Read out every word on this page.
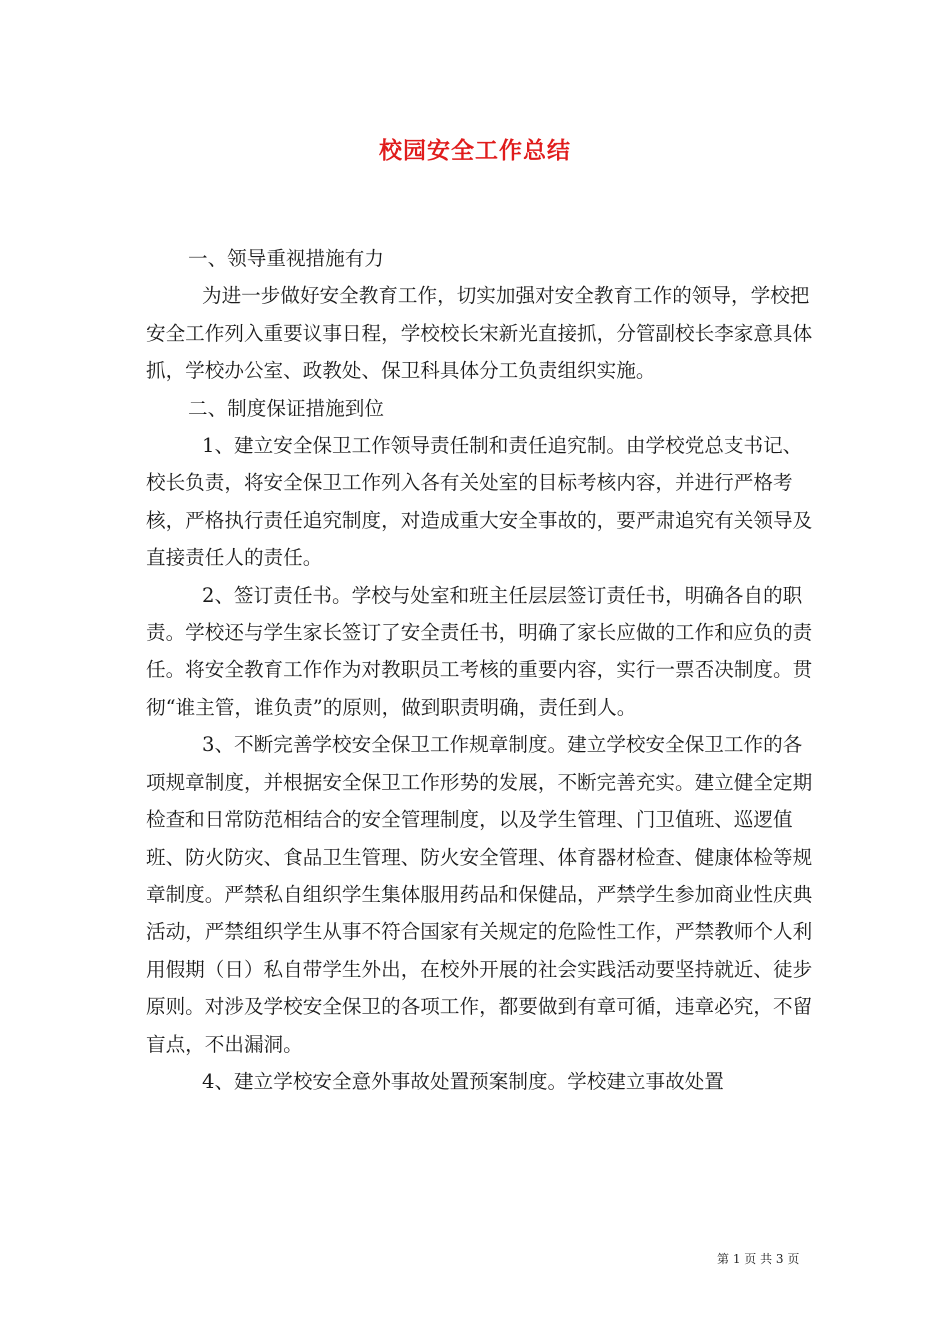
校园安全工作总结

一、领导重视措施有力

为进一步做好安全教育工作，切实加强对安全教育工作的领导，学校把安全工作列入重要议事日程，学校校长宋新光直接抓，分管副校长李家意具体抓，学校办公室、政教处、保卫科具体分工负责组织实施。

二、制度保证措施到位

1、建立安全保卫工作领导责任制和责任追究制。由学校党总支书记、校长负责，将安全保卫工作列入各有关处室的目标考核内容，并进行严格考核，严格执行责任追究制度，对造成重大安全事故的，要严肃追究有关领导及直接责任人的责任。

2、签订责任书。学校与处室和班主任层层签订责任书，明确各自的职责。学校还与学生家长签订了安全责任书，明确了家长应做的工作和应负的责任。将安全教育工作作为对教职员工考核的重要内容，实行一票否决制度。贯彻“谁主管，谁负责”的原则，做到职责明确，责任到人。

3、不断完善学校安全保卫工作规章制度。建立学校安全保卫工作的各项规章制度，并根据安全保卫工作形势的发展，不断完善充实。建立健全定期检查和日常防范相结合的安全管理制度，以及学生管理、门卫值班、巡逻值班、防火防灾、食品卫生管理、防火安全管理、体育器材检查、健康体检等规章制度。严禁私自组织学生集体服用药品和保健品，严禁学生参加商业性庆典活动，严禁组织学生从事不符合国家有关规定的危险性工作，严禁教师个人利用假期（日）私自带学生外出，在校外开展的社会实践活动要坚持就近、徒步原则。对涉及学校安全保卫的各项工作，都要做到有章可循，违章必究，不留盲点，不出漏洞。

4、建立学校安全意外事故处置预案制度。学校建立事故处置

第 1 页 共 3 页
